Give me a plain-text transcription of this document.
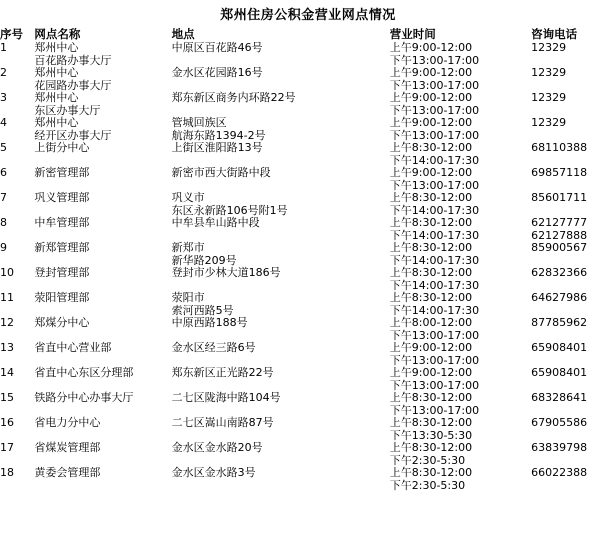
郑州住房公积金营业网点情况
序号	网点名称	地点	营业时间	咨询电话
1	郑州中心
百花路办事大厅	中原区百花路46号	上午9:00-12:00
下午13:00-17:00	12329

2	郑州中心
花园路办事大厅	金水区花园路16号	上午9:00-12:00
下午13:00-17:00	12329

3	郑州中心
东区办事大厅	郑东新区商务内环路22号	上午9:00-12:00
下午13:00-17:00	12329

4	郑州中心
经开区办事大厅	管城回族区
航海东路1394-2号	上午9:00-12:00
下午13:00-17:00	12329

5	上街分中心	上街区淮阳路13号	上午8:30-12:00
下午14:00-17:30	68110388

6	新密管理部	新密市西大街路中段	上午9:00-12:00
下午13:00-17:00	69857118

7	巩义管理部	巩义市
东区永新路106号附1号	上午8:30-12:00
下午14:00-17:30	85601711

8	中牟管理部	中牟县牟山路中段	上午8:30-12:00
下午14:00-17:30	62127777
62127888

9	新郑管理部	新郑市
新华路209号	上午8:30-12:00
下午14:00-17:30	85900567

10	登封管理部	登封市少林大道186号	上午8:30-12:00
下午14:00-17:30	62832366

11	荥阳管理部	荥阳市
索河西路5号	上午8:30-12:00
下午14:00-17:30	64627986

12	郑煤分中心	中原西路188号	上午8:00-12:00
下午13:00-17:00	87785962

13	省直中心营业部	金水区经三路6号	上午9:00-12:00
下午13:00-17:00	65908401

14	省直中心东区分理部	郑东新区正光路22号	上午9:00-12:00
下午13:00-17:00	65908401

15	铁路分中心办事大厅	二七区陇海中路104号	上午8:30-12:00
下午13:00-17:00	68328641

16	省电力分中心	二七区嵩山南路87号	上午8:30-12:00
下午13:30-5:30	67905586

17	省煤炭管理部	金水区金水路20号	上午8:30-12:00
下午2:30-5:30	63839798

18	黄委会管理部	金水区金水路3号	上午8:30-12:00
下午2:30-5:30	66022388
